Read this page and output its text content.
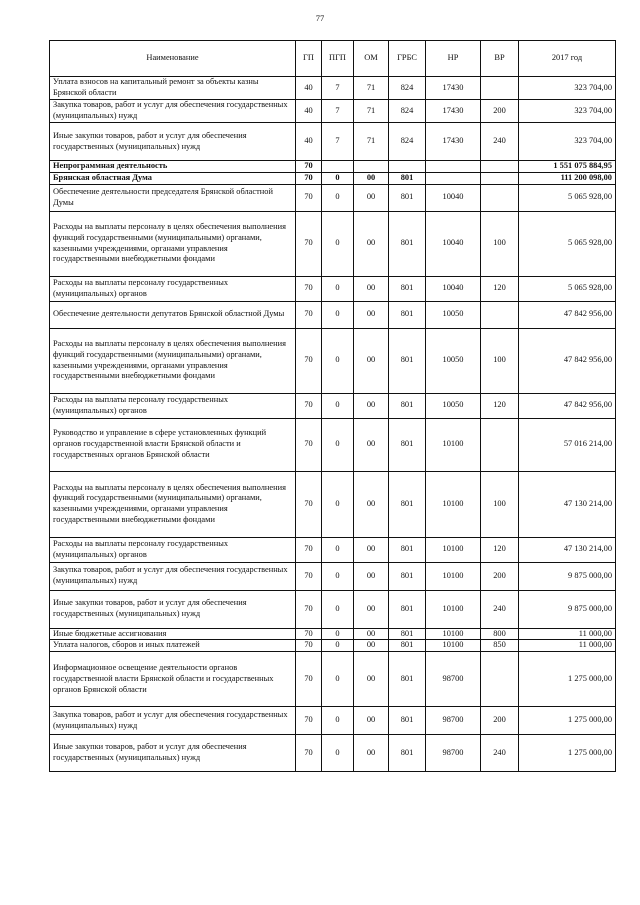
77
Наименование	ГП	ПГП	ОМ	ГРБС	НР	ВР	2017 год
Уплата взносов на капитальный ремонт за объекты казны Брянской области	40	7	71	824	17430		323 704,00
Закупка товаров, работ и услуг для обеспечения государственных (муниципальных) нужд	40	7	71	824	17430	200	323 704,00
Иные закупки товаров, работ и услуг для обеспечения государственных (муниципальных) нужд	40	7	71	824	17430	240	323 704,00
Непрограммная деятельность	70						1 551 075 884,95
Брянская областная Дума	70	0	00	801			111 200 098,00
Обеспечение деятельности председателя Брянской областной Думы	70	0	00	801	10040		5 065 928,00
Расходы на выплаты персоналу в целях обеспечения выполнения функций государственными (муниципальными) органами, казенными учреждениями, органами управления государственными внебюджетными фондами	70	0	00	801	10040	100	5 065 928,00
Расходы на выплаты персоналу государственных (муниципальных) органов	70	0	00	801	10040	120	5 065 928,00
Обеспечение деятельности депутатов Брянской областной Думы	70	0	00	801	10050		47 842 956,00
Расходы на выплаты персоналу в целях обеспечения выполнения функций государственными (муниципальными) органами, казенными учреждениями, органами управления государственными внебюджетными фондами	70	0	00	801	10050	100	47 842 956,00
Расходы на выплаты персоналу государственных (муниципальных) органов	70	0	00	801	10050	120	47 842 956,00
Руководство и управление в сфере установленных функций органов государственной власти Брянской области и государственных органов Брянской области	70	0	00	801	10100		57 016 214,00
Расходы на выплаты персоналу в целях обеспечения выполнения функций государственными (муниципальными) органами, казенными учреждениями, органами управления государственными внебюджетными фондами	70	0	00	801	10100	100	47 130 214,00
Расходы на выплаты персоналу государственных (муниципальных) органов	70	0	00	801	10100	120	47 130 214,00
Закупка товаров, работ и услуг для обеспечения государственных (муниципальных) нужд	70	0	00	801	10100	200	9 875 000,00
Иные закупки товаров, работ и услуг для обеспечения государственных (муниципальных) нужд	70	0	00	801	10100	240	9 875 000,00
Иные бюджетные ассигнования	70	0	00	801	10100	800	11 000,00
Уплата налогов, сборов и иных платежей	70	0	00	801	10100	850	11 000,00
Информационное освещение деятельности органов государственной власти Брянской области и государственных органов Брянской области	70	0	00	801	98700		1 275 000,00
Закупка товаров, работ и услуг для обеспечения государственных (муниципальных) нужд	70	0	00	801	98700	200	1 275 000,00
Иные закупки товаров, работ и услуг для обеспечения государственных (муниципальных) нужд	70	0	00	801	98700	240	1 275 000,00
